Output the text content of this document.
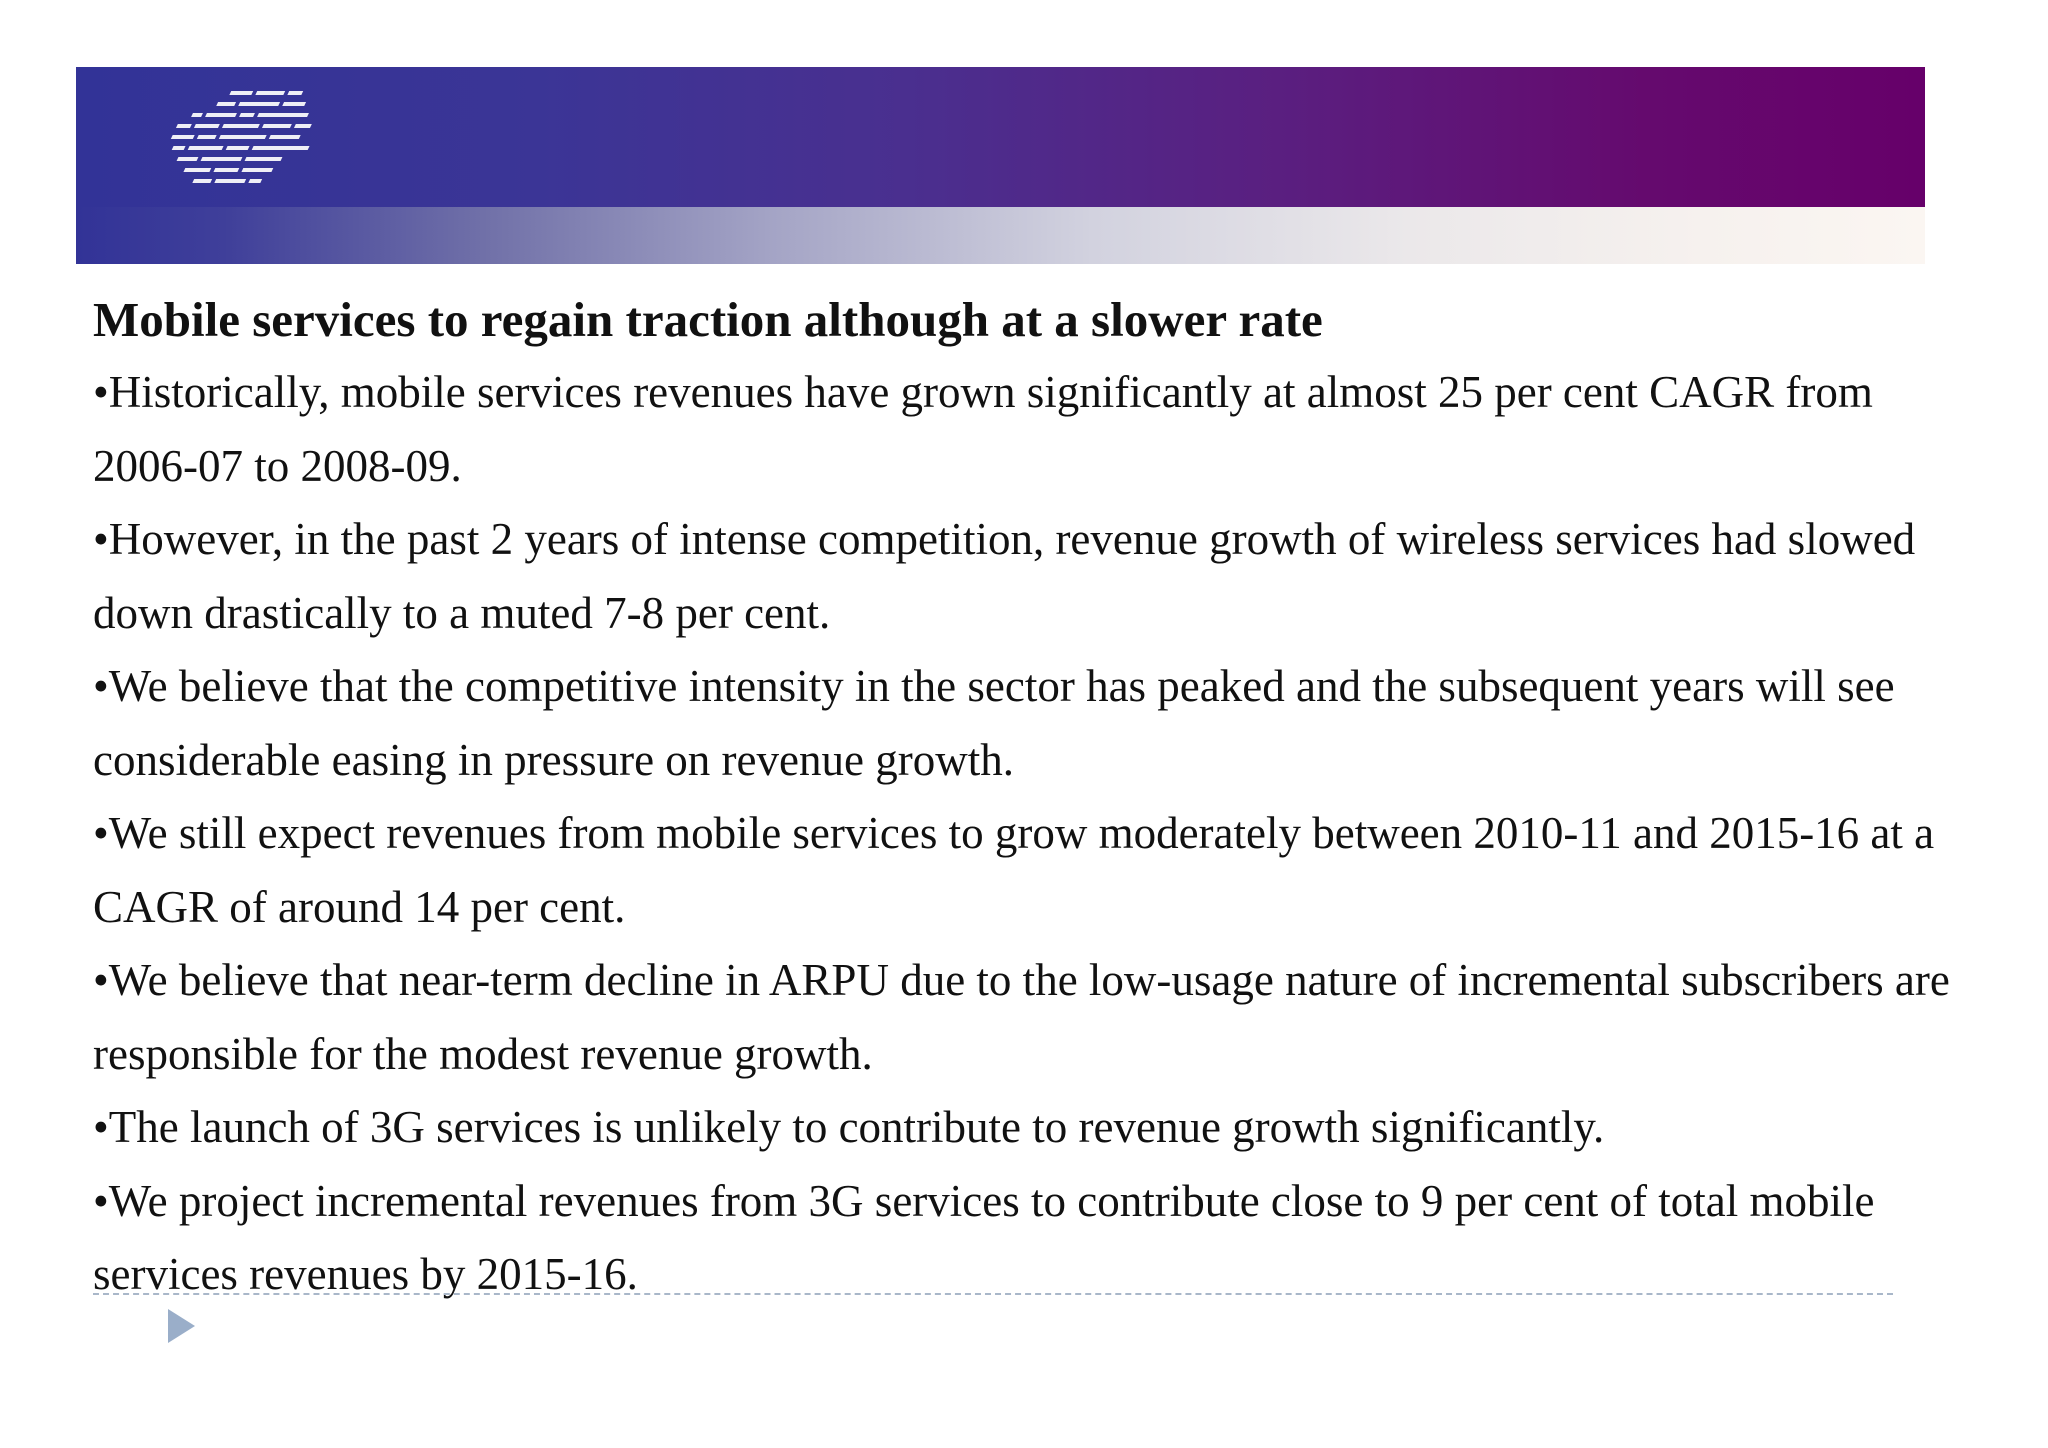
Mobile services to regain traction although at a slower rate

•Historically, mobile services revenues have grown significantly at almost 25 per cent CAGR from 2006-07 to 2008-09.

•However, in the past 2 years of intense competition, revenue growth of wireless services had slowed down drastically to a muted 7-8 per cent.

•We believe that the competitive intensity in the sector has peaked and the subsequent years will see considerable easing in pressure on revenue growth.

•We still expect revenues from mobile services to grow moderately between 2010-11 and 2015-16 at a CAGR of around 14 per cent.

•We believe that near-term decline in ARPU due to the low-usage nature of incremental subscribers are responsible for the modest revenue growth.

•The launch of 3G services is unlikely to contribute to revenue growth significantly.

•We project incremental revenues from 3G services to contribute close to 9 per cent of total mobile services revenues by 2015-16.
